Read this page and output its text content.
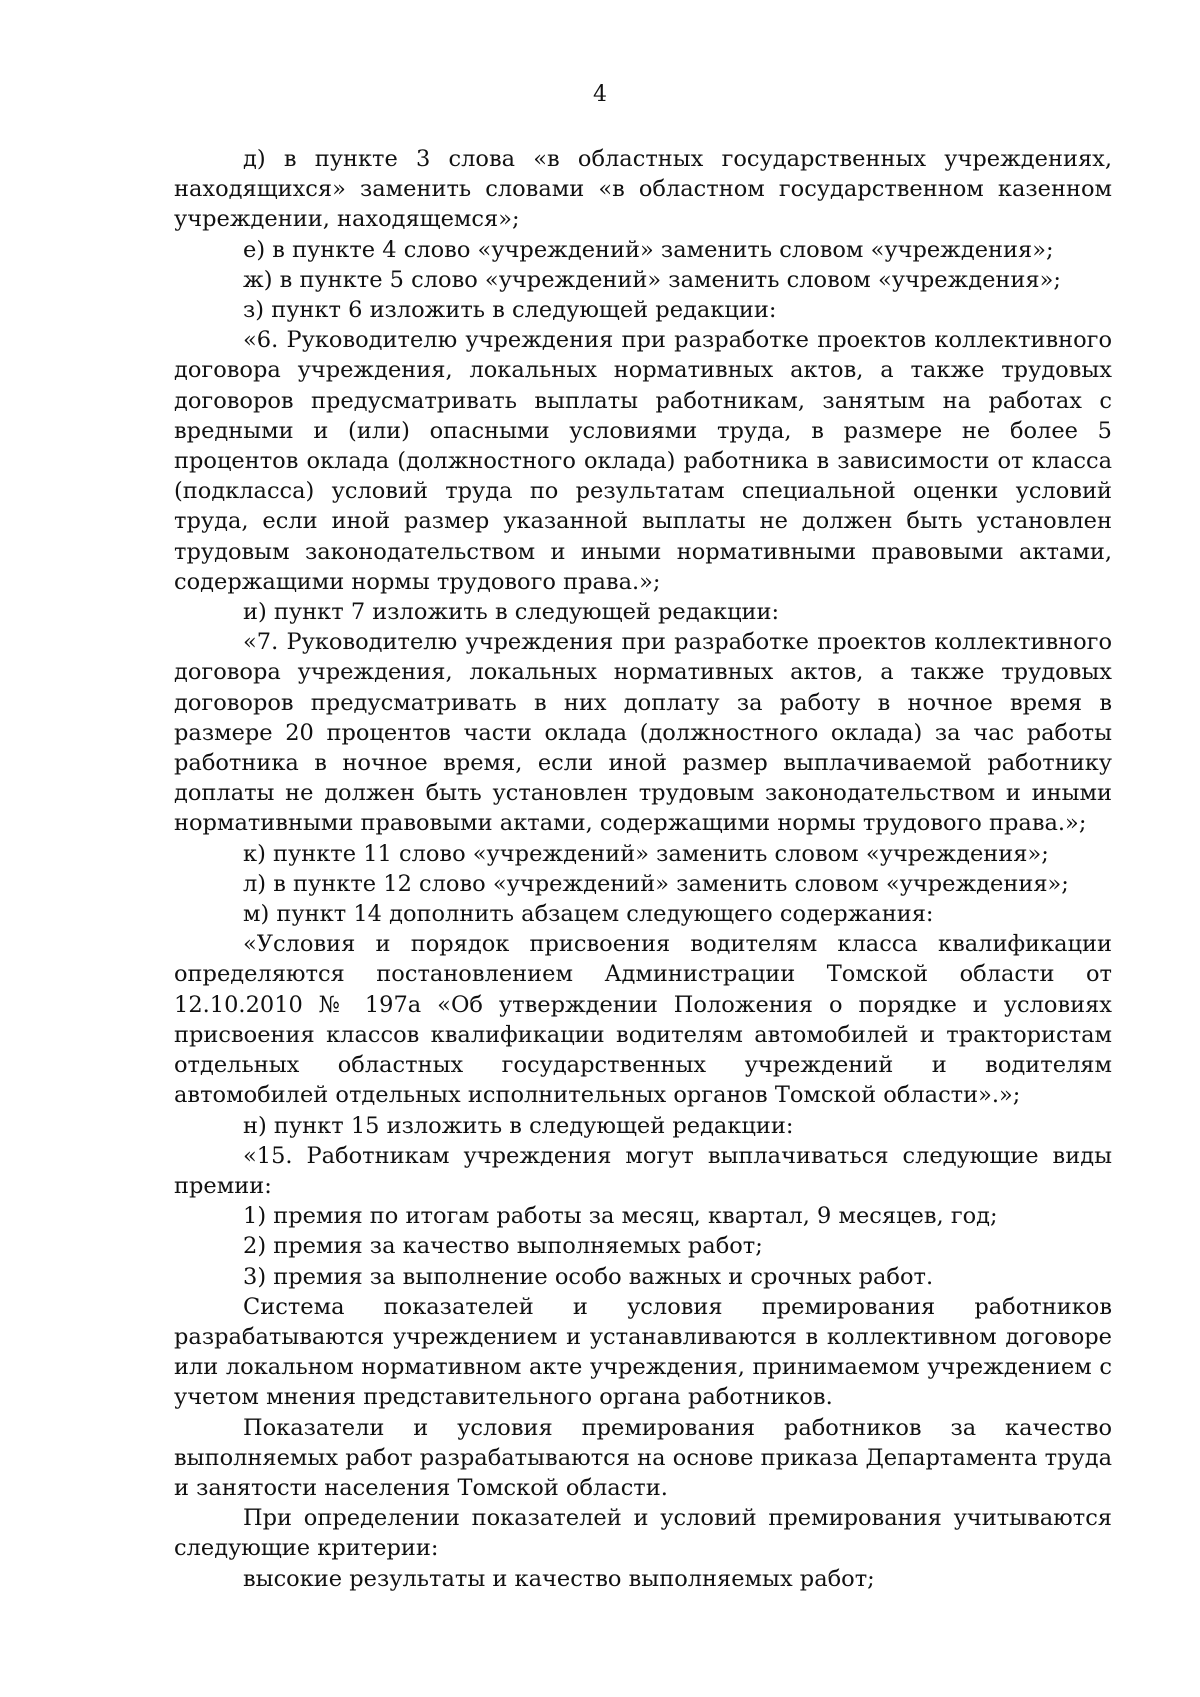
4

д) в пункте 3 слова «в областных государственных учреждениях, находящихся» заменить словами «в областном государственном казенном учреждении, находящемся»;

е) в пункте 4 слово «учреждений» заменить словом «учреждения»;

ж) в пункте 5 слово «учреждений» заменить словом «учреждения»;

з) пункт 6 изложить в следующей редакции:

«6. Руководителю учреждения при разработке проектов коллективного договора учреждения, локальных нормативных актов, а также трудовых договоров предусматривать выплаты работникам, занятым на работах с вредными и (или) опасными условиями труда, в размере не более 5 процентов оклада (должностного оклада) работника в зависимости от класса (подкласса) условий труда по результатам специальной оценки условий труда, если иной размер указанной выплаты не должен быть установлен трудовым законодательством и иными нормативными правовыми актами, содержащими нормы трудового права.»;

и) пункт 7 изложить в следующей редакции:

«7. Руководителю учреждения при разработке проектов коллективного договора учреждения, локальных нормативных актов, а также трудовых договоров предусматривать в них доплату за работу в ночное время в размере 20 процентов части оклада (должностного оклада) за час работы работника в ночное время, если иной размер выплачиваемой работнику доплаты не должен быть установлен трудовым законодательством и иными нормативными правовыми актами, содержащими нормы трудового права.»;

к) пункте 11 слово «учреждений» заменить словом «учреждения»;

л) в пункте 12 слово «учреждений» заменить словом «учреждения»;

м) пункт 14 дополнить абзацем следующего содержания:

«Условия и порядок присвоения водителям класса квалификации определяются постановлением Администрации Томской области от 12.10.2010 № 197а «Об утверждении Положения о порядке и условиях присвоения классов квалификации водителям автомобилей и трактористам отдельных областных государственных учреждений и водителям автомобилей отдельных исполнительных органов Томской области».»;

н) пункт 15 изложить в следующей редакции:

«15. Работникам учреждения могут выплачиваться следующие виды премии:

1) премия по итогам работы за месяц, квартал, 9 месяцев, год;

2) премия за качество выполняемых работ;

3) премия за выполнение особо важных и срочных работ.

Система показателей и условия премирования работников разрабатываются учреждением и устанавливаются в коллективном договоре или локальном нормативном акте учреждения, принимаемом учреждением с учетом мнения представительного органа работников.

Показатели и условия премирования работников за качество выполняемых работ разрабатываются на основе приказа Департамента труда и занятости населения Томской области.

При определении показателей и условий премирования учитываются следующие критерии:

высокие результаты и качество выполняемых работ;
